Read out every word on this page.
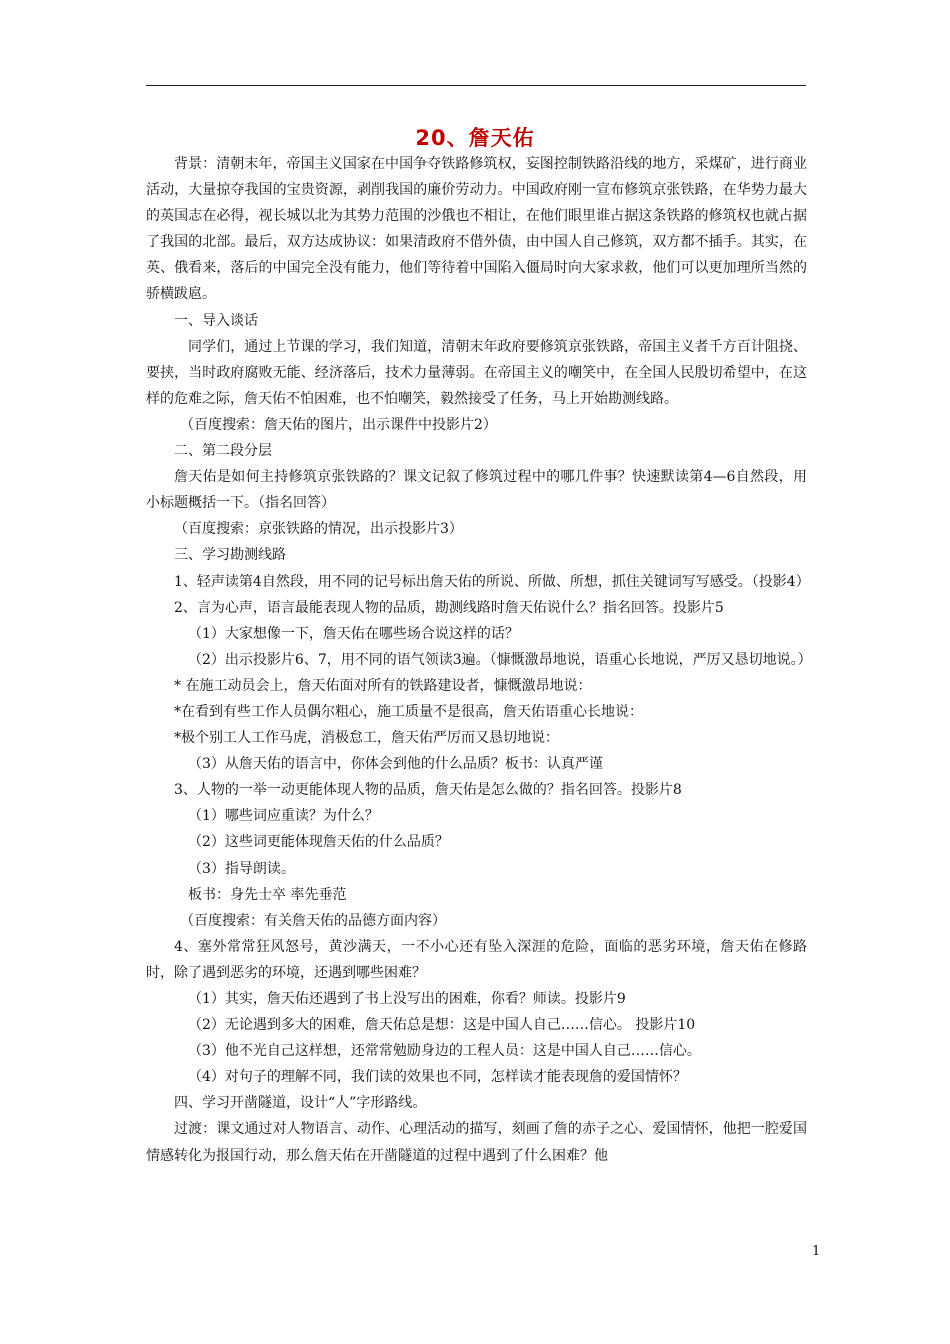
20、詹天佑

背景：清朝末年，帝国主义国家在中国争夺铁路修筑权，妄图控制铁路沿线的地方，采煤矿，进行商业活动，大量掠夺我国的宝贵资源，剥削我国的廉价劳动力。中国政府刚一宣布修筑京张铁路，在华势力最大的英国志在必得，视长城以北为其势力范围的沙俄也不相让，在他们眼里谁占据这条铁路的修筑权也就占据了我国的北部。最后，双方达成协议：如果清政府不借外债，由中国人自己修筑，双方都不插手。其实，在英、俄看来，落后的中国完全没有能力，他们等待着中国陷入僵局时向大家求救，他们可以更加理所当然的骄横跋扈。

一、导入谈话

同学们，通过上节课的学习，我们知道，清朝末年政府要修筑京张铁路，帝国主义者千方百计阻挠、要挟，当时政府腐败无能、经济落后，技术力量薄弱。在帝国主义的嘲笑中，在全国人民殷切希望中，在这样的危难之际，詹天佑不怕困难，也不怕嘲笑，毅然接受了任务，马上开始勘测线路。

（百度搜索：詹天佑的图片，出示课件中投影片2）

二、第二段分层

詹天佑是如何主持修筑京张铁路的？课文记叙了修筑过程中的哪几件事？快速默读第4—6自然段，用小标题概括一下。（指名回答）

（百度搜索：京张铁路的情况，出示投影片3）

三、学习勘测线路

1、轻声读第4自然段，用不同的记号标出詹天佑的所说、所做、所想，抓住关键词写写感受。（投影4）

2、言为心声，语言最能表现人物的品质，勘测线路时詹天佑说什么？指名回答。投影片5

（1）大家想像一下，詹天佑在哪些场合说这样的话？

（2）出示投影片6、7，用不同的语气领读3遍。（慷慨激昂地说，语重心长地说，严厉又恳切地说。）

* 在施工动员会上，詹天佑面对所有的铁路建设者，慷慨激昂地说：

*在看到有些工作人员偶尔粗心，施工质量不是很高，詹天佑语重心长地说：

*极个别工人工作马虎，消极怠工，詹天佑严厉而又恳切地说：

（3）从詹天佑的语言中，你体会到他的什么品质？板书：认真严谨

3、人物的一举一动更能体现人物的品质，詹天佑是怎么做的？指名回答。投影片8

（1）哪些词应重读？为什么？

（2）这些词更能体现詹天佑的什么品质？

（3）指导朗读。

板书：身先士卒 率先垂范

（百度搜索：有关詹天佑的品德方面内容）

4、塞外常常狂风怒号，黄沙满天，一不小心还有坠入深涯的危险，面临的恶劣环境，詹天佑在修路时，除了遇到恶劣的环境，还遇到哪些困难？

（1）其实，詹天佑还遇到了书上没写出的困难，你看？师读。投影片9

（2）无论遇到多大的困难，詹天佑总是想：这是中国人自己……信心。 投影片10

（3）他不光自己这样想，还常常勉励身边的工程人员：这是中国人自己……信心。

（4）对句子的理解不同，我们读的效果也不同，怎样读才能表现詹的爱国情怀？

四、学习开凿隧道，设计“人”字形路线。

过渡：课文通过对人物语言、动作、心理活动的描写，刻画了詹的赤子之心、爱国情怀，他把一腔爱国情感转化为报国行动，那么詹天佑在开凿隧道的过程中遇到了什么困难？他

1
